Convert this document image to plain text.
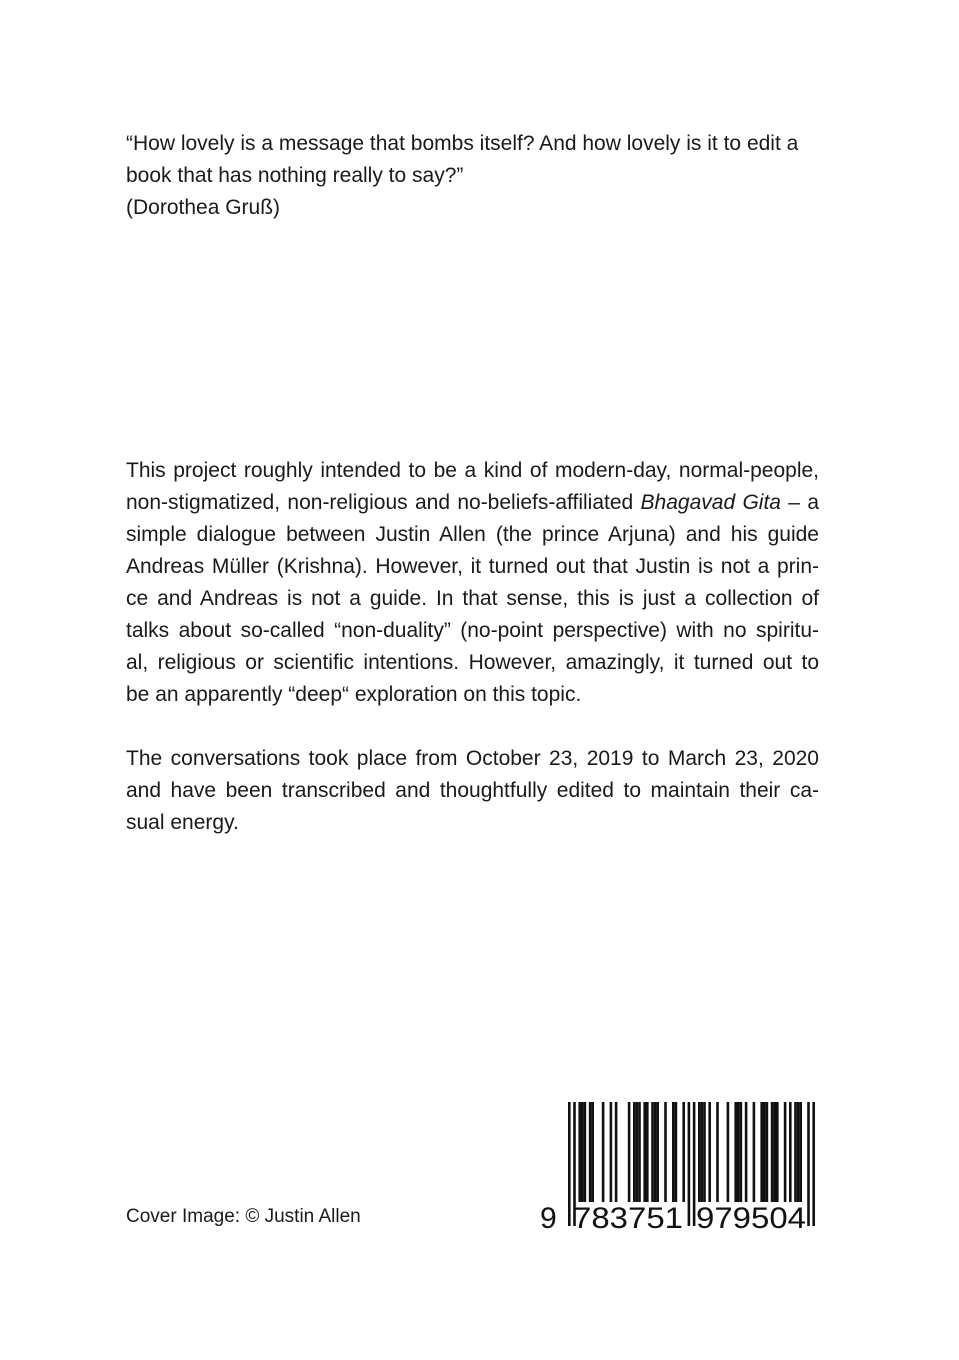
“How lovely is a message that bombs itself? And how lovely is it to edit a

book that has nothing really to say?”

(Dorothea Gruß)

This project roughly intended to be a kind of modern-day, normal-people,
non-stigmatized, non-religious and no-beliefs-affiliated Bhagavad Gita – a
simple dialogue between Justin Allen (the prince Arjuna) and his guide
Andreas Müller (Krishna). However, it turned out that Justin is not a prin-
ce and Andreas is not a guide. In that sense, this is just a collection of
talks about so-called “non-duality” (no-point perspective) with no spiritu-
al, religious or scientific intentions. However, amazingly, it turned out to
be an apparently “deep“ exploration on this topic.

The conversations took place from October 23, 2019 to March 23, 2020
and have been transcribed and thoughtfully edited to maintain their ca-
sual energy.

Cover Image: © Justin Allen	9 783751 979504
